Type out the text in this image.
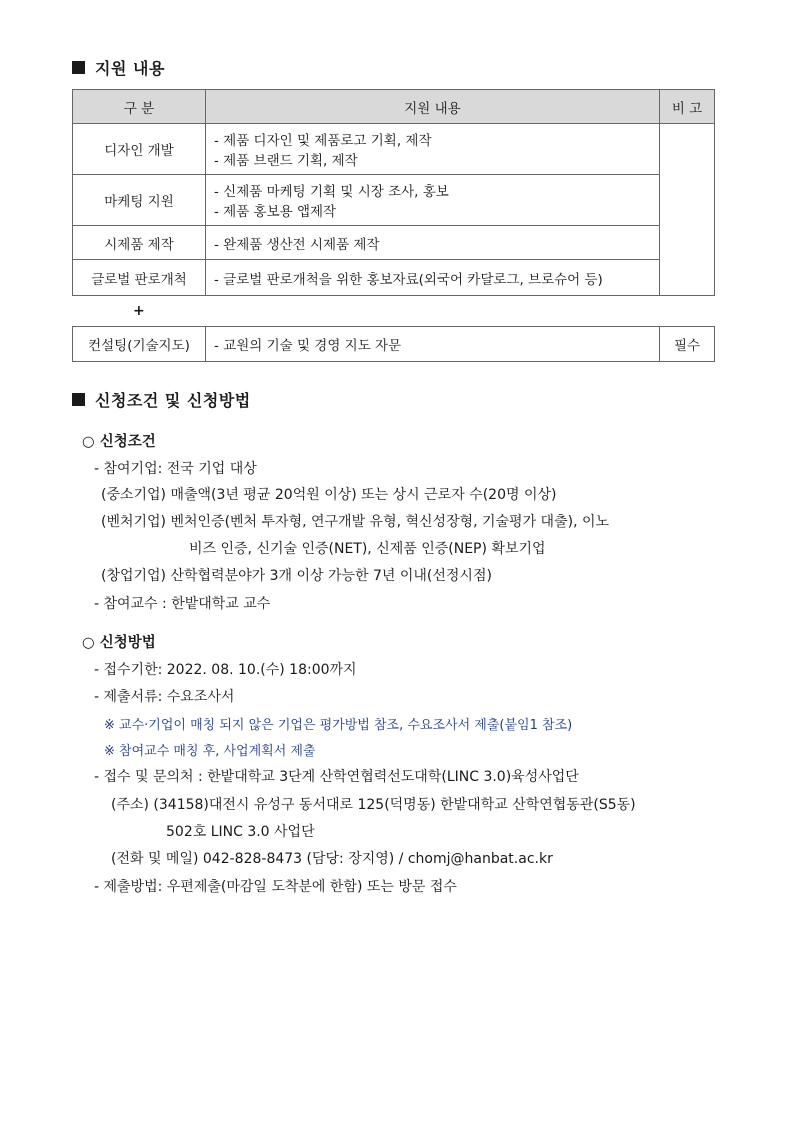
지원 내용
구 분	지원 내용	비 고
디자인 개발	- 제품 디자인 및 제품로고 기획, 제작
- 제품 브랜드 기획, 제작	

마케팅 지원	- 신제품 마케팅 기획 및 시장 조사, 홍보
- 제품 홍보용 앱제작	

시제품 제작	- 완제품 생산전 시제품 제작	

글로벌 판로개척	- 글로벌 판로개척을 위한 홍보자료(외국어 카달로그, 브로슈어 등)	
+
컨설팅(기술지도)	- 교원의 기술 및 경영 지도 자문	필수
신청조건 및 신청방법
○ 신청조건
- 참여기업: 전국 기업 대상
(중소기업) 매출액(3년 평균 20억원 이상) 또는 상시 근로자 수(20명 이상)
(벤처기업) 벤처인증(벤처 투자형, 연구개발 유형, 혁신성장형, 기술평가 대출), 이노
비즈 인증, 신기술 인증(NET), 신제품 인증(NEP) 확보기업
(창업기업) 산학협력분야가 3개 이상 가능한 7년 이내(선정시점)
- 참여교수 : 한밭대학교 교수
○ 신청방법
- 접수기한: 2022. 08. 10.(수) 18:00까지
- 제출서류: 수요조사서
※ 교수·기업이 매칭 되지 않은 기업은 평가방법 참조, 수요조사서 제출(붙임1 참조)
※ 참여교수 매칭 후, 사업계획서 제출
- 접수 및 문의처 : 한밭대학교 3단계 산학연협력선도대학(LINC 3.0)육성사업단
(주소) (34158)대전시 유성구 동서대로 125(덕명동) 한밭대학교 산학연협동관(S5동)
502호 LINC 3.0 사업단
(전화 및 메일) 042-828-8473 (담당: 장지영) / chomj@hanbat.ac.kr
- 제출방법: 우편제출(마감일 도착분에 한함) 또는 방문 접수
